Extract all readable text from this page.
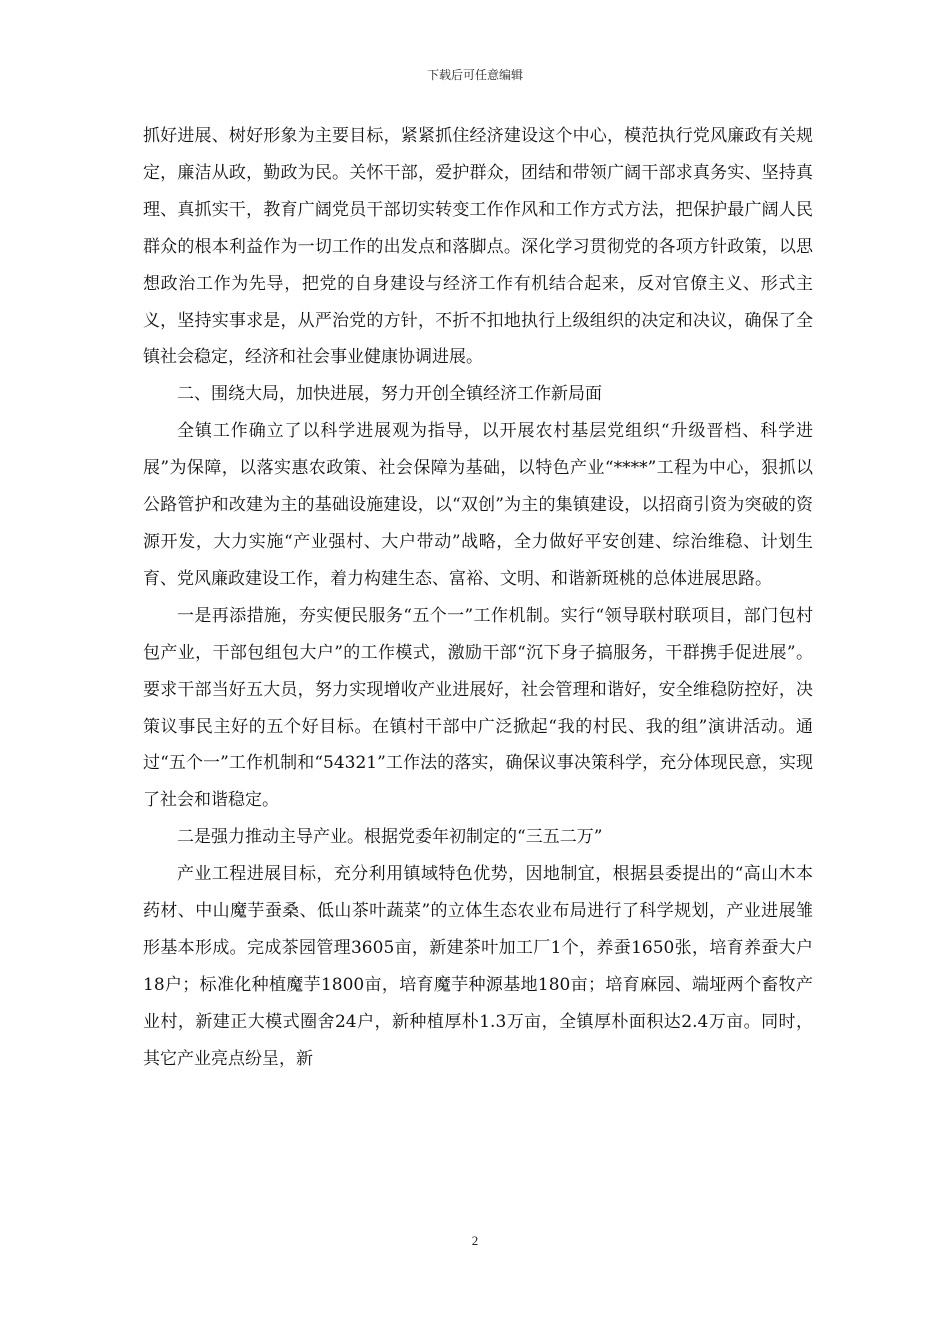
下载后可任意编辑

抓好进展、树好形象为主要目标，紧紧抓住经济建设这个中心，模范执行党风廉政有关规定，廉洁从政，勤政为民。关怀干部，爱护群众，团结和带领广阔干部求真务实、坚持真理、真抓实干，教育广阔党员干部切实转变工作作风和工作方式方法，把保护最广阔人民群众的根本利益作为一切工作的出发点和落脚点。深化学习贯彻党的各项方针政策，以思想政治工作为先导，把党的自身建设与经济工作有机结合起来，反对官僚主义、形式主义，坚持实事求是，从严治党的方针，不折不扣地执行上级组织的决定和决议，确保了全镇社会稳定，经济和社会事业健康协调进展。

二、围绕大局，加快进展，努力开创全镇经济工作新局面

全镇工作确立了以科学进展观为指导，以开展农村基层党组织“升级晋档、科学进展”为保障，以落实惠农政策、社会保障为基础，以特色产业“****”工程为中心，狠抓以公路管护和改建为主的基础设施建设，以“双创”为主的集镇建设，以招商引资为突破的资源开发，大力实施“产业强村、大户带动”战略，全力做好平安创建、综治维稳、计划生育、党风廉政建设工作，着力构建生态、富裕、文明、和谐新斑桃的总体进展思路。

一是再添措施，夯实便民服务“五个一”工作机制。实行“领导联村联项目，部门包村包产业，干部包组包大户”的工作模式，激励干部“沉下身子搞服务，干群携手促进展”。要求干部当好五大员，努力实现增收产业进展好，社会管理和谐好，安全维稳防控好，决策议事民主好的五个好目标。在镇村干部中广泛掀起“我的村民、我的组”演讲活动。通过“五个一”工作机制和“54321”工作法的落实，确保议事决策科学，充分体现民意，实现了社会和谐稳定。

二是强力推动主导产业。根据党委年初制定的“三五二万”

产业工程进展目标，充分利用镇域特色优势，因地制宜，根据县委提出的“高山木本药材、中山魔芋蚕桑、低山茶叶蔬菜”的立体生态农业布局进行了科学规划，产业进展雏形基本形成。完成茶园管理3605亩，新建茶叶加工厂1个，养蚕1650张，培育养蚕大户18户；标准化种植魔芋1800亩，培育魔芋种源基地180亩；培育麻园、端垭两个畜牧产业村，新建正大模式圈舍24户，新种植厚朴1.3万亩，全镇厚朴面积达2.4万亩。同时，其它产业亮点纷呈，新

2
